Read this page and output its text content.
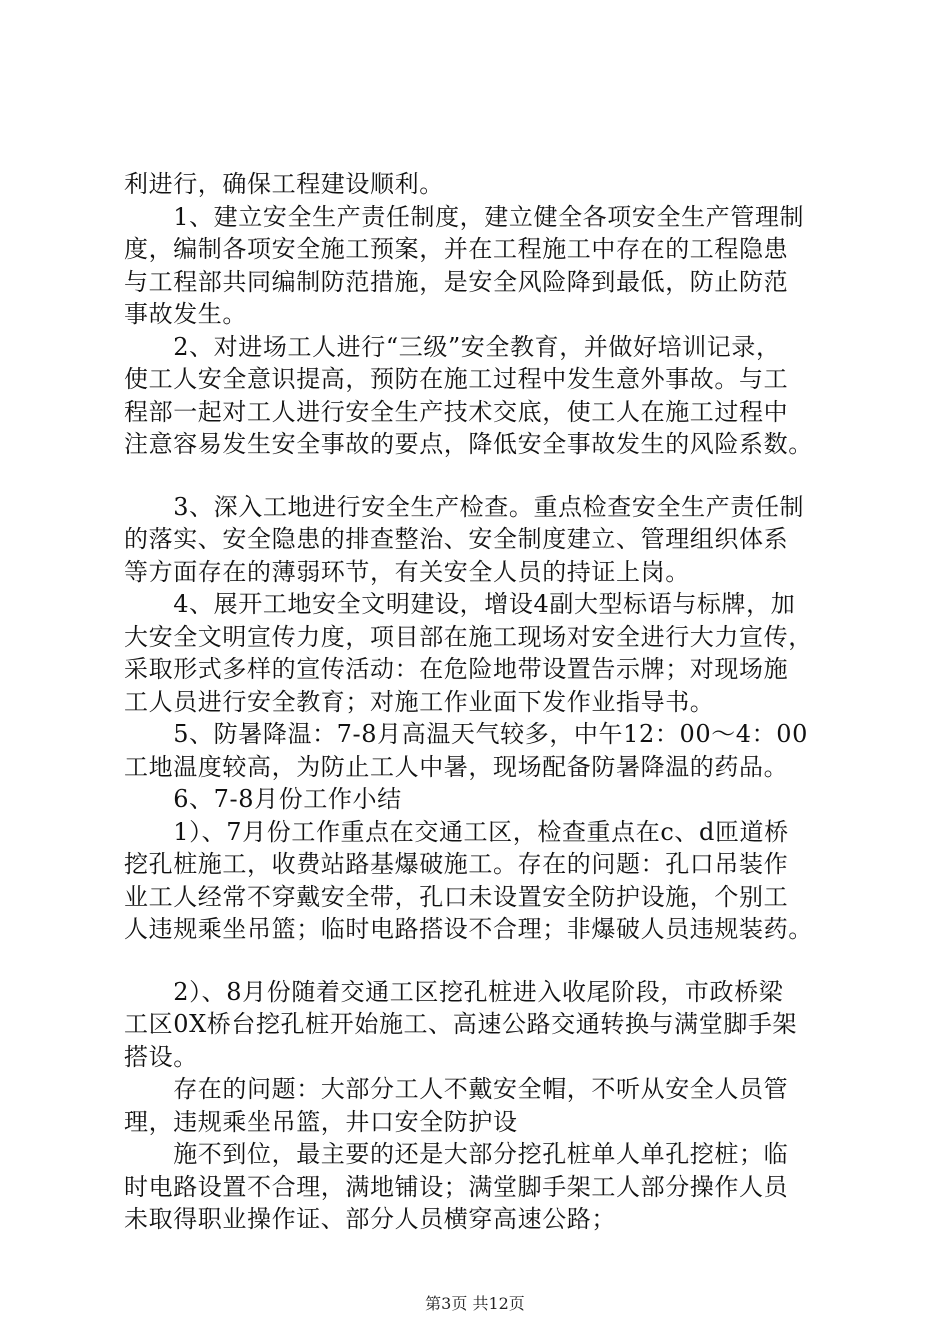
利进行，确保工程建设顺利。
　　1、建立安全生产责任制度，建立健全各项安全生产管理制
度，编制各项安全施工预案，并在工程施工中存在的工程隐患
与工程部共同编制防范措施，是安全风险降到最低，防止防范
事故发生。
　　2、对进场工人进行“三级”安全教育，并做好培训记录，
使工人安全意识提高，预防在施工过程中发生意外事故。与工
程部一起对工人进行安全生产技术交底，使工人在施工过程中
注意容易发生安全事故的要点，降低安全事故发生的风险系数。
　　3、深入工地进行安全生产检查。重点检查安全生产责任制
的落实、安全隐患的排查整治、安全制度建立、管理组织体系
等方面存在的薄弱环节，有关安全人员的持证上岗。
　　4、展开工地安全文明建设，增设4副大型标语与标牌，加
大安全文明宣传力度，项目部在施工现场对安全进行大力宣传，
采取形式多样的宣传活动：在危险地带设置告示牌；对现场施
工人员进行安全教育；对施工作业面下发作业指导书。
　　5、防暑降温：7-8月高温天气较多，中午12：00～4：00
工地温度较高，为防止工人中暑，现场配备防暑降温的药品。
　　6、7-8月份工作小结
　　1）、7月份工作重点在交通工区，检查重点在c、d匝道桥
挖孔桩施工，收费站路基爆破施工。存在的问题：孔口吊装作
业工人经常不穿戴安全带，孔口未设置安全防护设施，个别工
人违规乘坐吊篮；临时电路搭设不合理；非爆破人员违规装药。
　　2）、8月份随着交通工区挖孔桩进入收尾阶段，市政桥梁
工区0X桥台挖孔桩开始施工、高速公路交通转换与满堂脚手架
搭设。
　　存在的问题：大部分工人不戴安全帽，不听从安全人员管
理，违规乘坐吊篮，井口安全防护设
　　施不到位，最主要的还是大部分挖孔桩单人单孔挖桩；临
时电路设置不合理，满地铺设；满堂脚手架工人部分操作人员
未取得职业操作证、部分人员横穿高速公路；
第3页 共12页
